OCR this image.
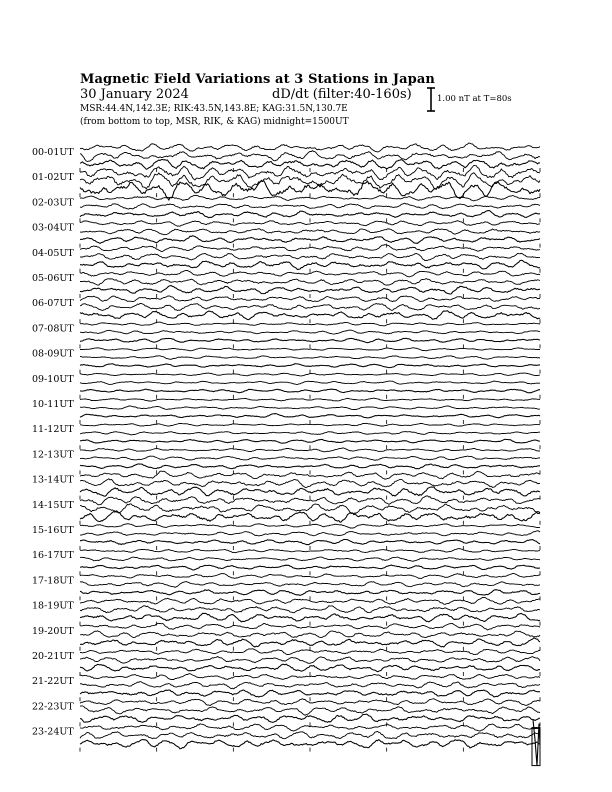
Magnetic Field Variations at 3 Stations in Japan
30 January 2024	dD/dt (filter:40-160s)
MSR:44.4N,142.3E; RIK:43.5N,143.8E; KAG:31.5N,130.7E
(from bottom to top, MSR, RIK, & KAG) midnight=1500UT
1.00 nT at T=80s
00-01UT
01-02UT
02-03UT
03-04UT
04-05UT
05-06UT
06-07UT
07-08UT
08-09UT
09-10UT
10-11UT
11-12UT
12-13UT
13-14UT
14-15UT
15-16UT
16-17UT
17-18UT
18-19UT
19-20UT
20-21UT
21-22UT
22-23UT
23-24UT
